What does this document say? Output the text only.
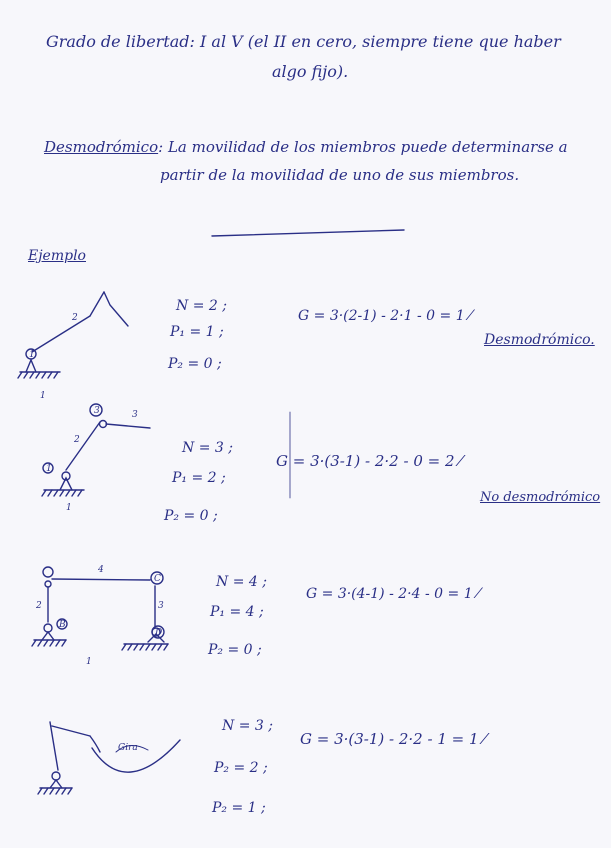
Grado de libertad: I al V (el II en cero, siempre tiene que haber
algo fijo).
Desmodrómico: La movilidad de los miembros puede determinarse a
partir de la movilidad de uno de sus miembros.
Ejemplo
N = 2 ;
P₁ = 1 ;
P₂ = 0 ;
G = 3·(2-1) - 2·1 - 0 = 1 ⁄
Desmodrómico.
N = 3 ;
P₁ = 2 ;
P₂ = 0 ;
G = 3·(3-1) - 2·2 - 0 = 2 ⁄
No desmodrómico
N = 4 ;
P₁ = 4 ;
P₂ = 0 ;
G = 3·(4-1) - 2·4 - 0 = 1 ⁄
N = 3 ;
P₂ = 2 ;
P₂ = 1 ;
G = 3·(3-1) - 2·2 - 1 = 1 ⁄
2
1
1
2
3
1
3
1
4
2	3
1
B
C
D
Gira
